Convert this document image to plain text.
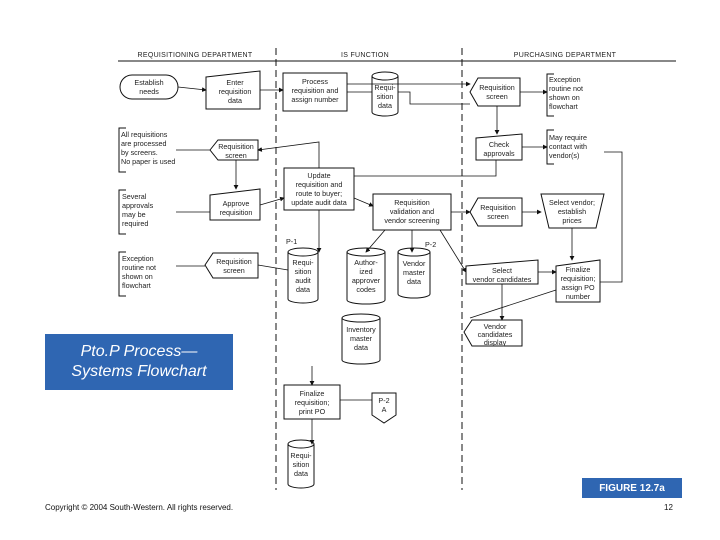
REQUISITIONING DEPARTMENT	IS FUNCTION	PURCHASING DEPARTMENT
Establish needs
Enter requisition data
All requisitions are processed by screens. No paper is used
Requisition screen
Several approvals may be required
Approve requisition
Exception routine not shown on flowchart
Requisition screen
Process requisition and assign number
Requi-sition data
Update requisition and route to buyer; update audit data	Requisition validation and vendor screening
P-1	P-2
Requi-sition audit data
Author-ized approver codes
Vendor master data
Inventory master data
Finalize requisition; print PO
P-2 A
Requi-sition data
Requisition screen
Exception routine not shown on flowchart
Check approvals
May require contact with vendor(s)
Requisition screen
Select vendor; establish prices
Select vendor candidates
Finalize requisition; assign PO number
Vendor candidates display
Pto.P Process—
Systems Flowchart
FIGURE 12.7a
Copyright © 2004 South-Western. All rights reserved.	12
